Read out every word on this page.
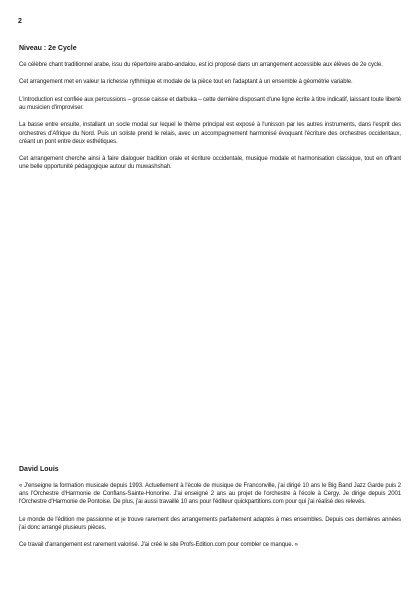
2
Niveau : 2e Cycle

Ce célèbre chant traditionnel arabe, issu du répertoire arabo-andalou, est ici proposé dans un arrangement accessible aux élèves de 2e cycle.

Cet arrangement met en valeur la richesse rythmique et modale de la pièce tout en l'adaptant à un ensemble à géométrie variable.

L'introduction est confiée aux percussions – grosse caisse et darbuka – cette dernière disposant d'une ligne écrite à titre indicatif, laissant toute liberté au musicien d'improviser.

La basse entre ensuite, installant un socle modal sur lequel le thème principal est exposé à l'unisson par les autres instruments, dans l'esprit des orchestres d'Afrique du Nord. Puis un soliste prend le relais, avec un accompagnement harmonisé évoquant l'écriture des orchestres occidentaux, créant un pont entre deux esthétiques.

Cet arrangement cherche ainsi à faire dialoguer tradition orale et écriture occidentale, musique modale et harmonisation classique, tout en offrant une belle opportunité pédagogique autour du muwashshah.

David Louis

« J'enseigne la formation musicale depuis 1993. Actuellement à l'école de musique de Franconville, j'ai dirigé 10 ans le Big Band Jazz Garde puis 2 ans l'Orchestre d'Harmonie de Conflans-Sainte-Honorine. J'ai enseigné 2 ans au projet de l'orchestre à l'école à Cergy. Je dirige depuis 2001 l'Orchestre d'Harmonie de Pontoise. De plus, j'ai aussi travaillé 10 ans pour l'éditeur quickpartitions.com pour qui j'ai réalisé des relevés.

Le monde de l'édition me passionne et je trouve rarement des arrangements parfaitement adaptés à mes ensembles. Depuis ces dernières années j'ai donc arrangé plusieurs pièces.

Ce travail d'arrangement est rarement valorisé. J'ai créé le site Profs-Edition.com pour combler ce manque. »
